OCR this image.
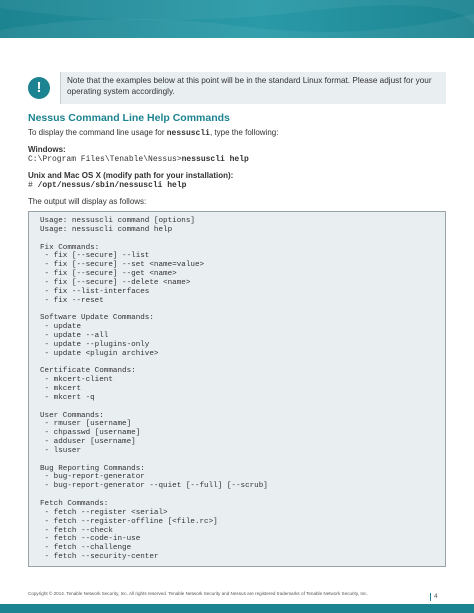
!	Note that the examples below at this point will be in the standard Linux format. Please adjust for your operating system accordingly.
Nessus Command Line Help Commands

To display the command line usage for nessuscli, type the following:

Windows:

C:\Program Files\Tenable\Nessus>nessuscli help

Unix and Mac OS X (modify path for your installation):

# /opt/nessus/sbin/nessuscli help

The output will display as follows:

Usage: nessuscli command [options]
Usage: nessuscli command help

Fix Commands:
- fix [--secure] --list
- fix [--secure] --set <name=value>
- fix [--secure] --get <name>
- fix [--secure] --delete <name>
- fix --list-interfaces
- fix --reset

Software Update Commands:
- update
- update --all
- update --plugins-only
- update <plugin archive>

Certificate Commands:
- mkcert-client
- mkcert
- mkcert -q

User Commands:
- rmuser [username]
- chpasswd [username]
- adduser [username]
- lsuser

Bug Reporting Commands:
- bug-report-generator
- bug-report-generator --quiet [--full] [--scrub]

Fetch Commands:
- fetch --register <serial>
- fetch --register-offline [<file.rc>]
- fetch --check
- fetch --code-in-use
- fetch --challenge
- fetch --security-center
Copyright © 2014. Tenable Network Security, Inc. All rights reserved. Tenable Network Security and Nessus are registered trademarks of Tenable Network Security, Inc.	4
